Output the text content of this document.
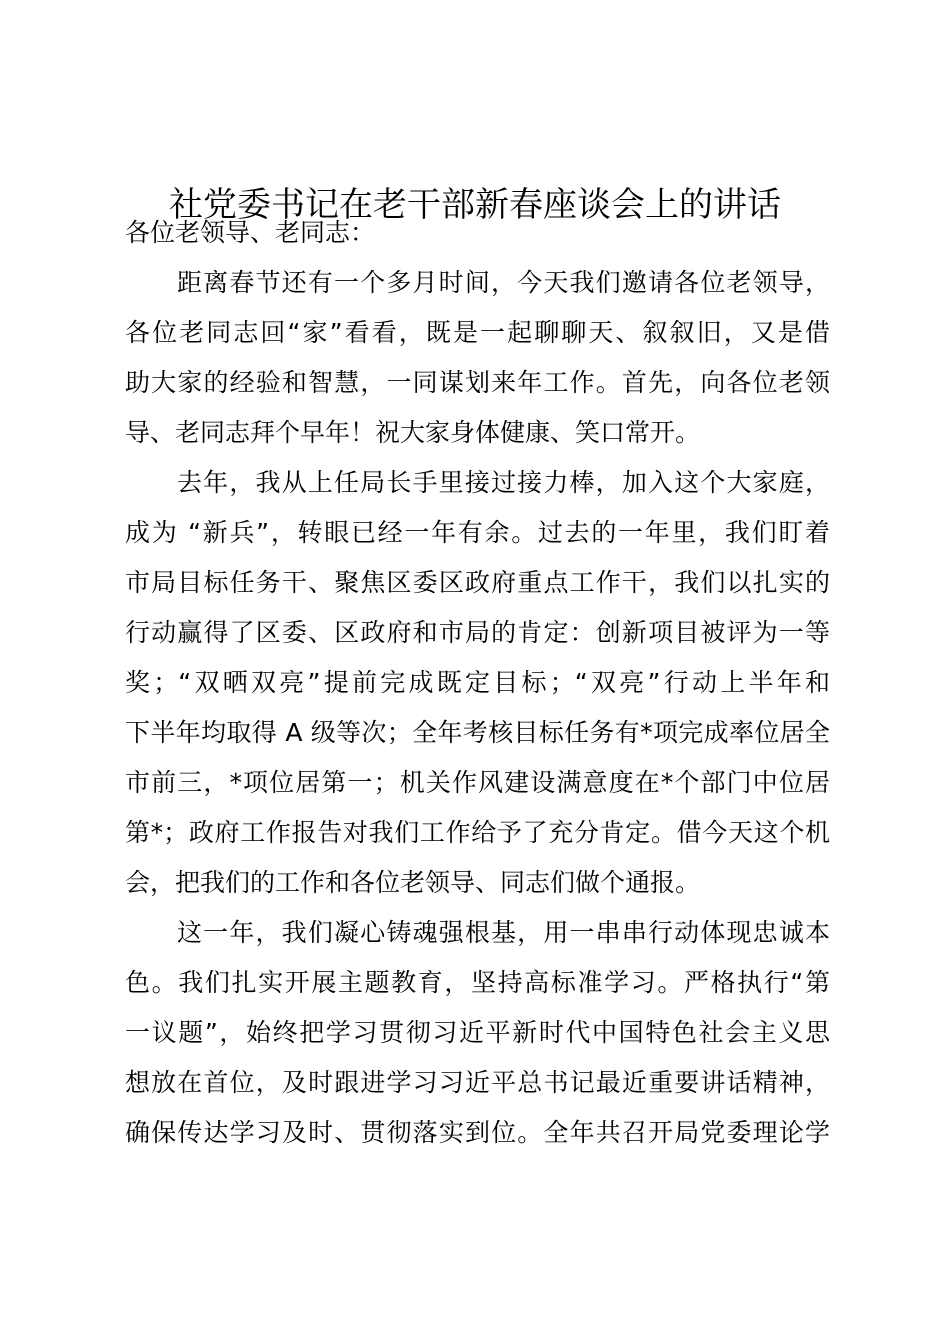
社党委书记在老干部新春座谈会上的讲话

各位老领导、老同志：

距离春节还有一个多月时间，今天我们邀请各位老领导，

各位老同志回“家”看看，既是一起聊聊天、叙叙旧，又是借

助大家的经验和智慧，一同谋划来年工作。首先，向各位老领

导、老同志拜个早年！祝大家身体健康、笑口常开。

去年，我从上任局长手里接过接力棒，加入这个大家庭，

成为 “新兵”，转眼已经一年有余。过去的一年里，我们盯着

市局目标任务干、聚焦区委区政府重点工作干，我们以扎实的

行动赢得了区委、区政府和市局的肯定：创新项目被评为一等

奖；“双晒双亮”提前完成既定目标；“双亮”行动上半年和

下半年均取得 A 级等次；全年考核目标任务有*项完成率位居全

市前三，*项位居第一；机关作风建设满意度在*个部门中位居

第*；政府工作报告对我们工作给予了充分肯定。借今天这个机

会，把我们的工作和各位老领导、同志们做个通报。

这一年，我们凝心铸魂强根基，用一串串行动体现忠诚本

色。我们扎实开展主题教育，坚持高标准学习。严格执行“第

一议题”，始终把学习贯彻习近平新时代中国特色社会主义思

想放在首位，及时跟进学习习近平总书记最近重要讲话精神，

确保传达学习及时、贯彻落实到位。全年共召开局党委理论学
